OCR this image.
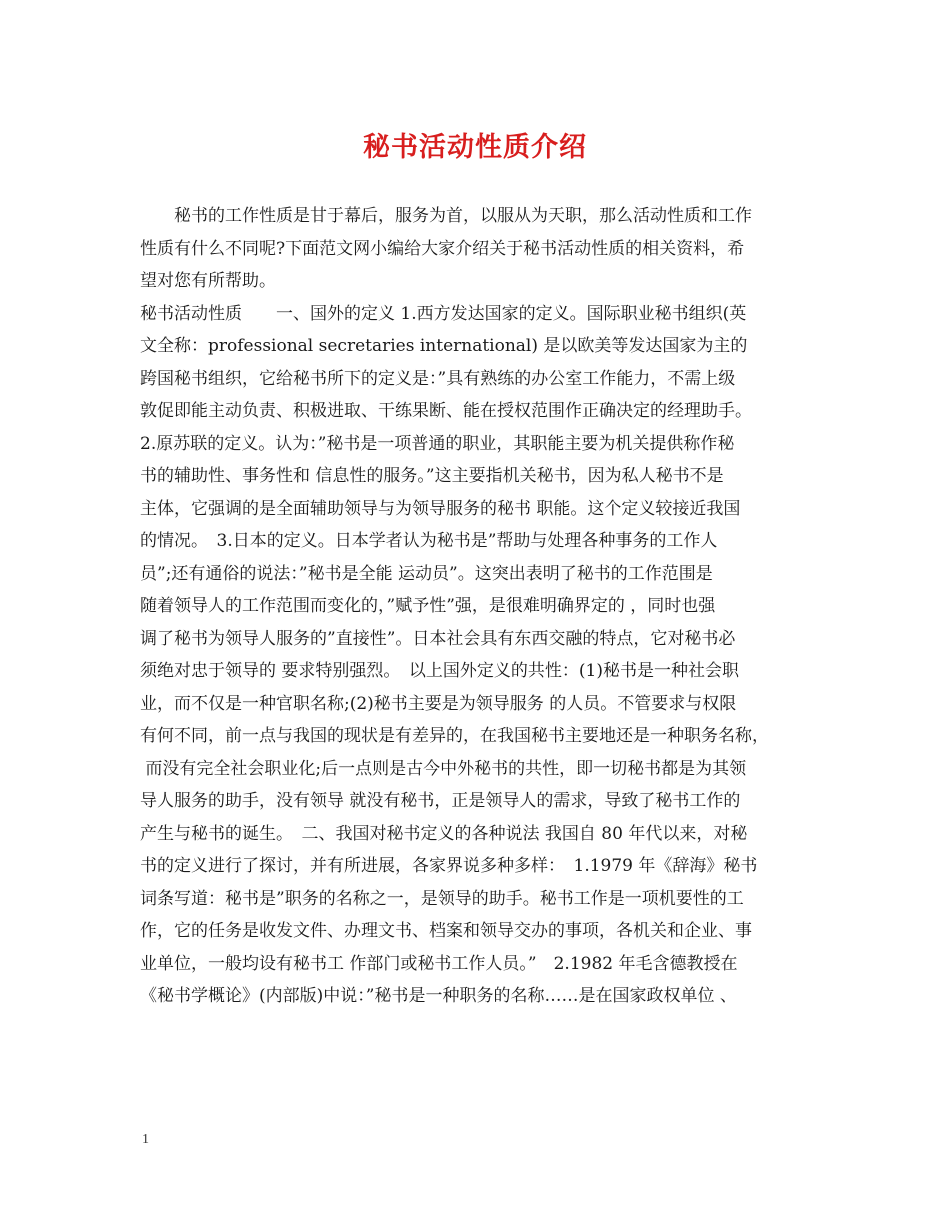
秘书活动性质介绍
　　秘书的工作性质是甘于幕后，服务为首，以服从为天职，那么活动性质和工作
性质有什么不同呢?下面范文网小编给大家介绍关于秘书活动性质的相关资料，希
望对您有所帮助。
秘书活动性质　　一、国外的定义 1.西方发达国家的定义。国际职业秘书组织(英
文全称：professional secretaries international) 是以欧美等发达国家为主的
跨国秘书组织，它给秘书所下的定义是：”具有熟练的办公室工作能力，不需上级
敦促即能主动负责、积极进取、干练果断、能在授权范围作正确决定的经理助手。
2.原苏联的定义。认为：”秘书是一项普通的职业，其职能主要为机关提供称作秘
书的辅助性、事务性和 信息性的服务。”这主要指机关秘书，因为私人秘书不是
主体，它强调的是全面辅助领导与为领导服务的秘书 职能。这个定义较接近我国
的情况。　3.日本的定义。日本学者认为秘书是”帮助与处理各种事务的工作人
员”;还有通俗的说法：”秘书是全能 运动员”。这突出表明了秘书的工作范围是
随着领导人的工作范围而变化的，”赋予性”强，是很难明确界定的 ，同时也强
调了秘书为领导人服务的”直接性”。日本社会具有东西交融的特点，它对秘书必
须绝对忠于领导的 要求特别强烈。　以上国外定义的共性：(1)秘书是一种社会职
业，而不仅是一种官职名称;(2)秘书主要是为领导服务 的人员。不管要求与权限
有何不同，前一点与我国的现状是有差异的，在我国秘书主要地还是一种职务名称，
而没有完全社会职业化;后一点则是古今中外秘书的共性，即一切秘书都是为其领
导人服务的助手，没有领导 就没有秘书，正是领导人的需求，导致了秘书工作的
产生与秘书的诞生。　二、我国对秘书定义的各种说法 我国自 80 年代以来，对秘
书的定义进行了探讨，并有所进展，各家界说多种多样：　1.1979 年《辞海》秘书
词条写道：秘书是”职务的名称之一，是领导的助手。秘书工作是一项机要性的工
作，它的任务是收发文件、办理文书、档案和领导交办的事项，各机关和企业、事
业单位，一般均设有秘书工 作部门或秘书工作人员。”　2.1982 年毛含德教授在
《秘书学概论》(内部版)中说：”秘书是一种职务的名称……是在国家政权单位 、
1
